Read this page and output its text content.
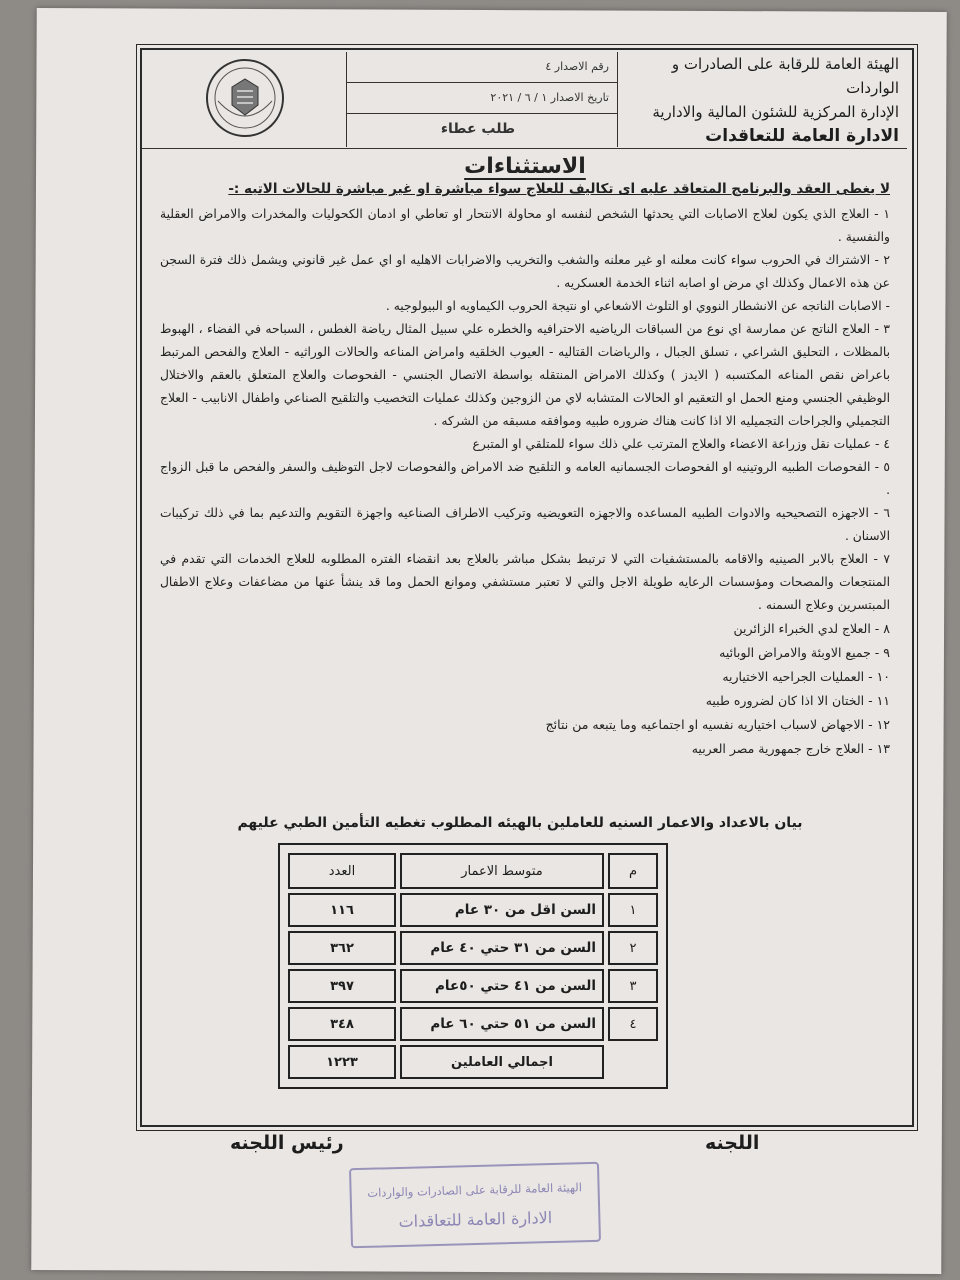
الهيئة العامة للرقابة على الصادرات و الواردات
الإدارة المركزية للشئون المالية والادارية
الادارة العامة للتعاقدات
رقم الاصدار ٤
تاريخ الاصدار ١ / ٦ / ٢٠٢١
طلب عطاء
الاستثناءات
لا يغطى العقد والبرنامج المتعاقد عليه اى تكاليف للعلاج سواء مباشرة او غير مباشرة للحالات الاتيه :-

١ - العلاج الذي يكون لعلاج الاصابات التي يحدثها الشخص لنفسه او محاولة الانتحار او تعاطي او ادمان الكحوليات والمخدرات والامراض العقلية والنفسية .

٢ - الاشتراك في الحروب سواء كانت معلنه او غير معلنه والشغب والتخريب والاضرابات الاهليه او اي عمل غير قانوني ويشمل ذلك فترة السجن عن هذه الاعمال وكذلك اي مرض او اصابه اثناء الخدمة العسكريه .

- الاصابات الناتجه عن الانشطار النووي او التلوث الاشعاعي او نتيجة الحروب الكيماويه او البيولوجيه .

٣ - العلاج الناتج عن ممارسة اي نوع من السباقات الرياضيه الاحترافيه والخطره علي سبيل المثال رياضة الغطس ، السباحه في الفضاء ، الهبوط بالمظلات ، التحليق الشراعي ، تسلق الجبال ، والرياضات القتاليه - العيوب الخلقيه وامراض المناعه والحالات الوراثيه - العلاج والفحص المرتبط باعراض نقص المناعه المكتسبه ( الايدز ) وكذلك الامراض المنتقله بواسطة الاتصال الجنسي - الفحوصات والعلاج المتعلق بالعقم والاختلال الوظيفي الجنسي ومنع الحمل او التعقيم او الحالات المتشابه لاي من الزوجين وكذلك عمليات التخصيب والتلقيح الصناعي واطفال الانابيب - العلاج التجميلي والجراحات التجميليه الا اذا كانت هناك ضروره طبيه وموافقه مسبقه من الشركه .

٤ - عمليات نقل وزراعة الاعضاء والعلاج المترتب علي ذلك سواء للمتلقي او المتبرع

٥ - الفحوصات الطبيه الروتينيه او الفحوصات الجسمانيه العامه و التلقيح ضد الامراض والفحوصات لاجل التوظيف والسفر والفحص ما قبل الزواج .

٦ - الاجهزه التصحيحيه والادوات الطبيه المساعده والاجهزه التعويضيه وتركيب الاطراف الصناعيه واجهزة التقويم والتدعيم بما في ذلك تركيبات الاسنان .

٧ - العلاج بالابر الصينيه والاقامه بالمستشفيات التي لا ترتبط بشكل مباشر بالعلاج بعد انقضاء الفتره المطلوبه للعلاج الخدمات التي تقدم في المنتجعات والمصحات ومؤسسات الرعايه طويلة الاجل والتي لا تعتبر مستشفي وموانع الحمل وما قد ينشأ عنها من مضاعفات وعلاج الاطفال المبتسرين وعلاج السمنه .

٨ - العلاج لدي الخبراء الزائرين

٩ - جميع الاوبئة والامراض الوبائيه

١٠ - العمليات الجراحيه الاختياريه

١١ - الختان الا اذا كان لضروره طبيه

١٢ - الاجهاض لاسباب اختياريه نفسيه او اجتماعيه وما يتبعه من نتائج

١٣ - العلاج خارج جمهورية مصر العربيه

بيان بالاعداد والاعمار السنيه للعاملين بالهيئه المطلوب تغطيه التأمين الطبي عليهم
م	متوسط الاعمار	العدد
١	السن اقل من ٣٠ عام	١١٦
٢	السن من ٣١ حتي ٤٠ عام	٣٦٢
٣	السن من ٤١ حتي ٥٠عام	٣٩٧
٤	السن من ٥١ حتي ٦٠ عام	٣٤٨
	اجمالي العاملين	١٢٢٣
اللجنه
رئيس اللجنه
الهيئة العامة للرقابة على الصادرات والواردات
الادارة العامة للتعاقدات
